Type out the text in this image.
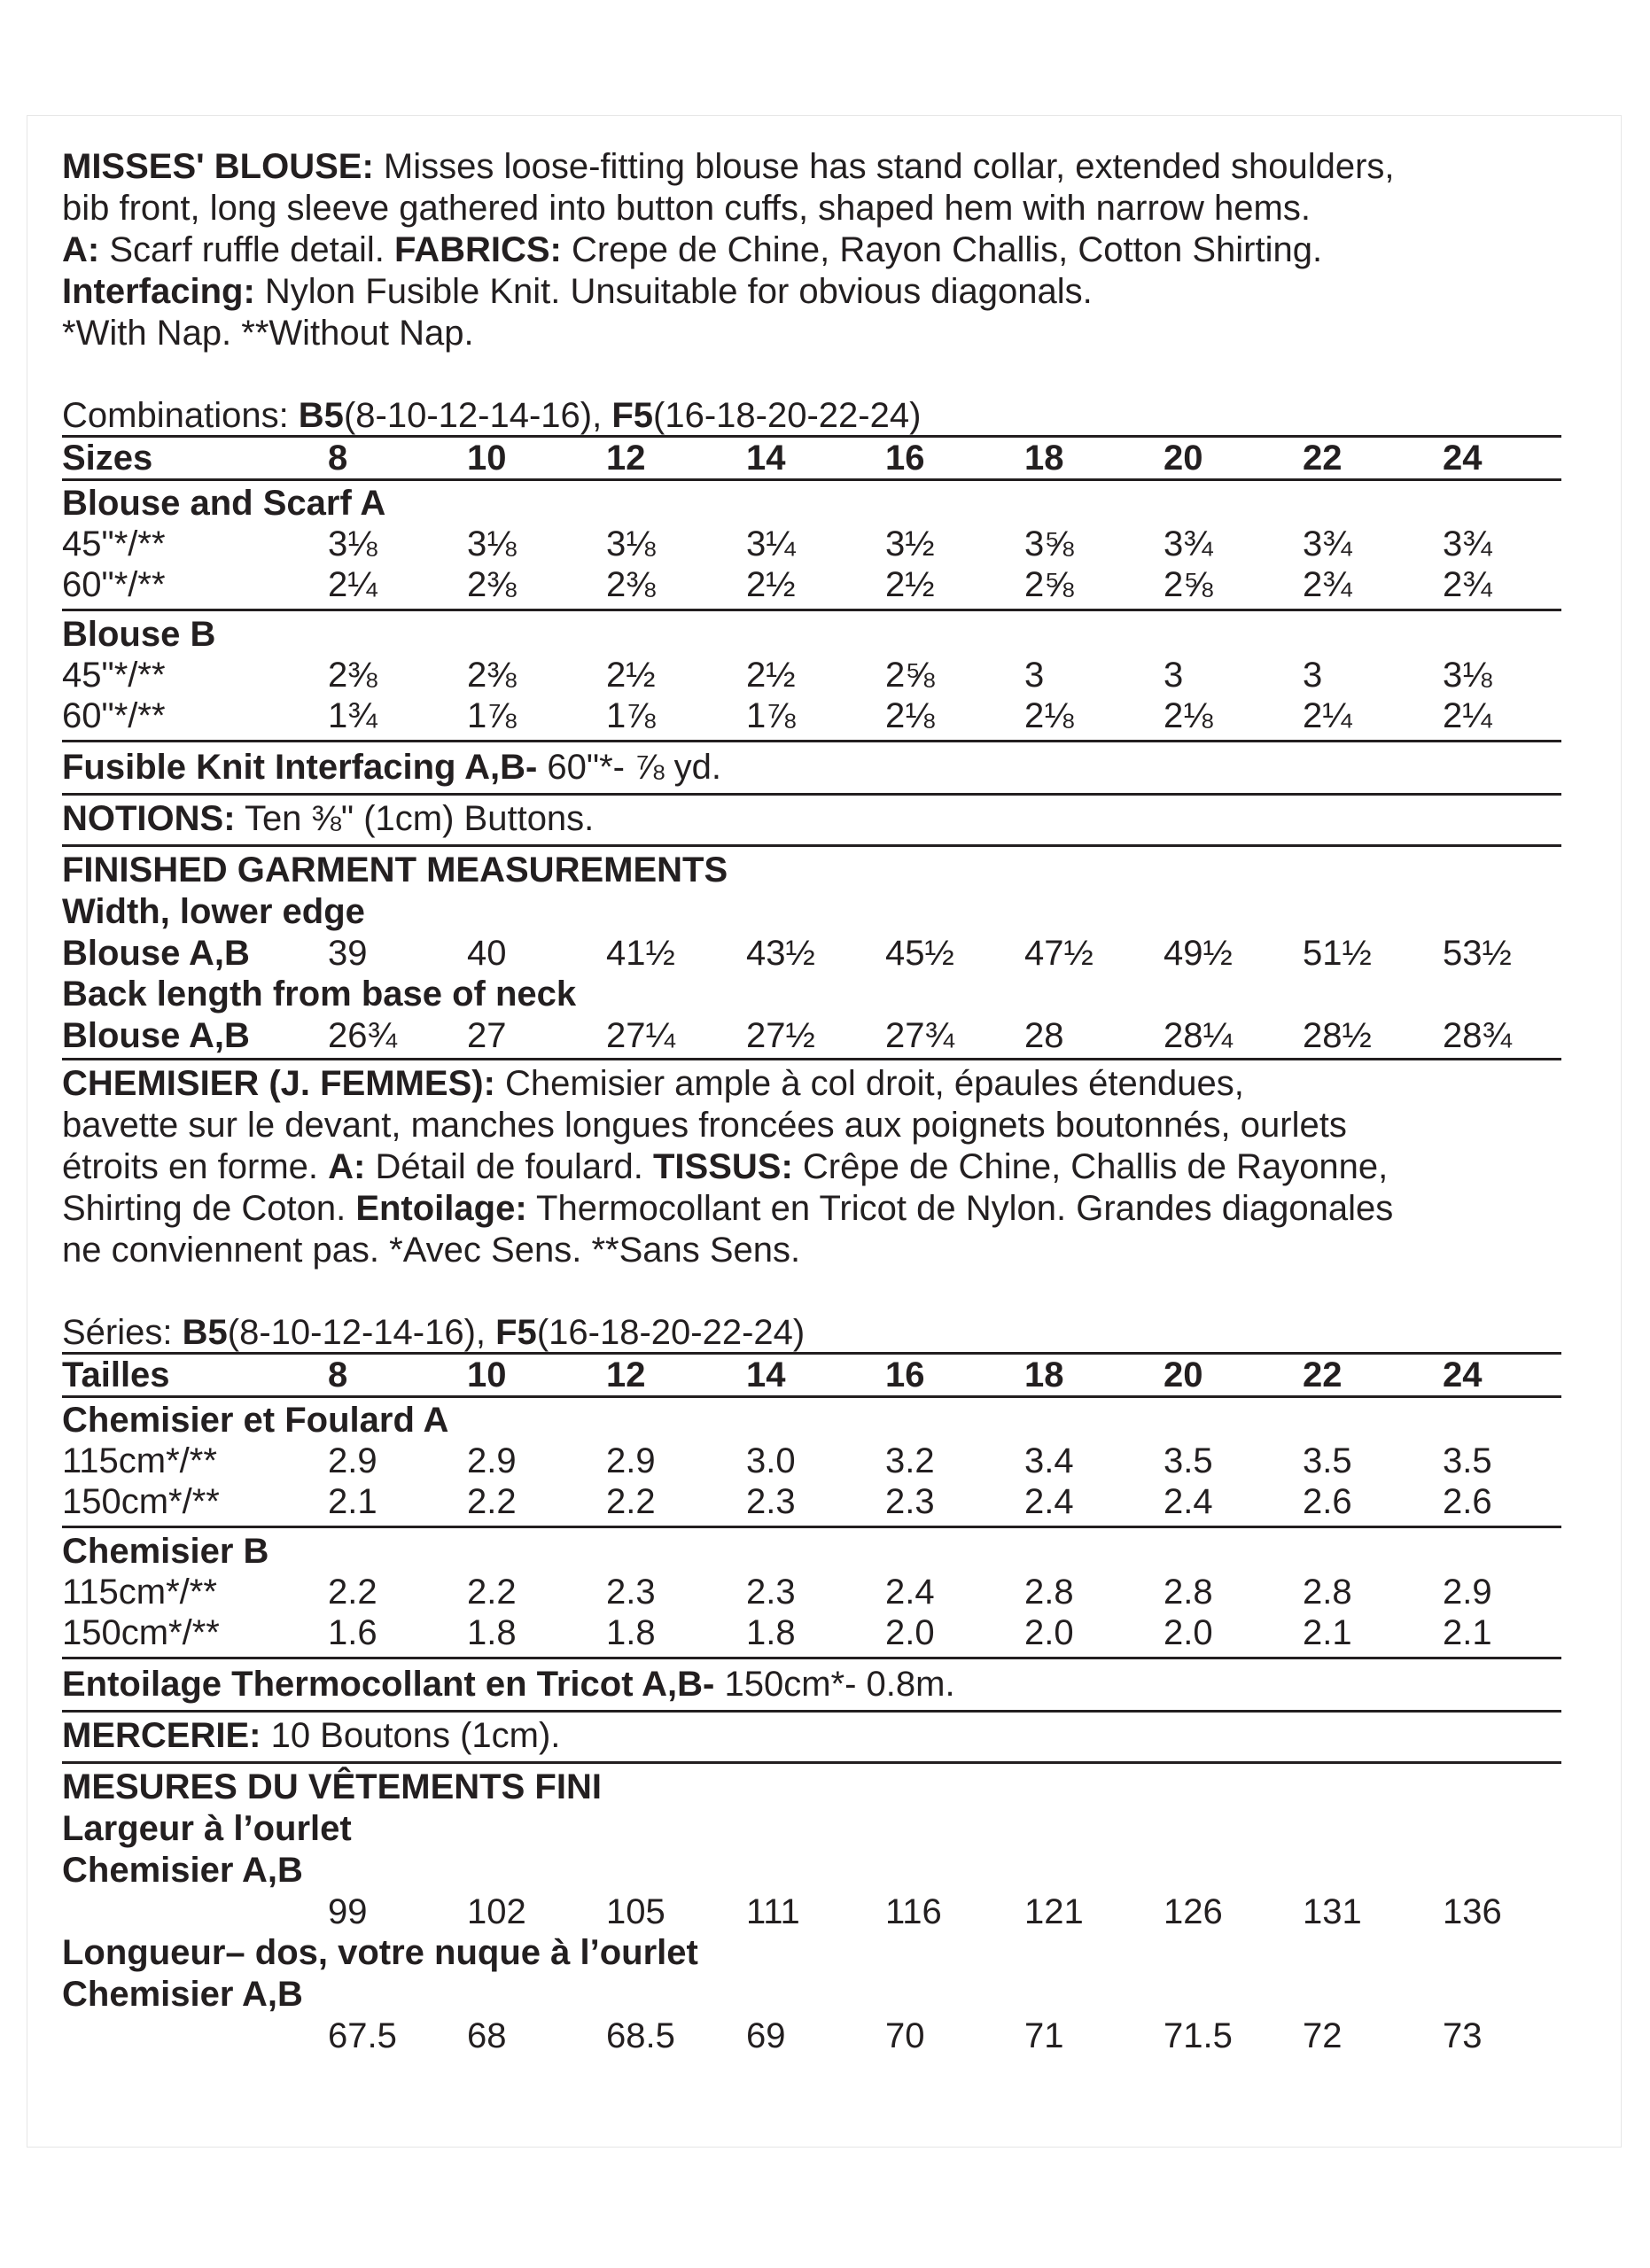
MISSES' BLOUSE: Misses loose-fitting blouse has stand collar, extended shoulders,
bib front, long sleeve gathered into button cuffs, shaped hem with narrow hems.
A: Scarf ruffle detail. FABRICS: Crepe de Chine, Rayon Challis, Cotton Shirting.
Interfacing: Nylon Fusible Knit. Unsuitable for obvious diagonals.
*With Nap. **Without Nap.
Combinations: B5(8-10-12-14-16), F5(16-18-20-22-24)
Sizes	8	10	12	14	16	18	20	22	24
Blouse and Scarf A
45"*/**	3⅛	3⅛	3⅛	3¼	3½	3⅝	3¾	3¾	3¾
60"*/**	2¼	2⅜	2⅜	2½	2½	2⅝	2⅝	2¾	2¾
Blouse B
45"*/**	2⅜	2⅜	2½	2½	2⅝	3	3	3	3⅛
60"*/**	1¾	1⅞	1⅞	1⅞	2⅛	2⅛	2⅛	2¼	2¼
Fusible Knit Interfacing A,B- 60"*- ⅞ yd.
NOTIONS: Ten ⅜" (1cm) Buttons.
FINISHED GARMENT MEASUREMENTS
Width, lower edge
Blouse A,B 39	40	41½ 43½ 45½ 47½ 49½ 51½ 53½
Back length from base of neck
Blouse A,B 26¾ 27	27¼ 27½ 27¾ 28	28¼ 28½ 28¾
CHEMISIER (J. FEMMES): Chemisier ample à col droit, épaules étendues,
bavette sur le devant, manches longues froncées aux poignets boutonnés, ourlets
étroits en forme. A: Détail de foulard. TISSUS: Crêpe de Chine, Challis de Rayonne,
Shirting de Coton. Entoilage: Thermocollant en Tricot de Nylon. Grandes diagonales
ne conviennent pas. *Avec Sens. **Sans Sens.
Séries: B5(8-10-12-14-16), F5(16-18-20-22-24)
Tailles	8	10	12	14	16	18	20	22	24
Chemisier et Foulard A
115cm*/**	2.9	2.9	2.9	3.0	3.2	3.4	3.5	3.5	3.5
150cm*/**	2.1	2.2	2.2	2.3	2.3	2.4	2.4	2.6	2.6
Chemisier B
115cm*/**	2.2	2.2	2.3	2.3	2.4	2.8	2.8	2.8	2.9
150cm*/**	1.6	1.8	1.8	1.8	2.0	2.0	2.0	2.1	2.1
Entoilage Thermocollant en Tricot A,B- 150cm*- 0.8m.
MERCERIE: 10 Boutons (1cm).
MESURES DU VÊTEMENTS FINI
Largeur à l’ourlet
Chemisier A,B
99	102 105 111 116 121 126 131 136
Longueur– dos, votre nuque à l’ourlet
Chemisier A,B
67.5 68	68.5 69	70	71	71.5 72	73
